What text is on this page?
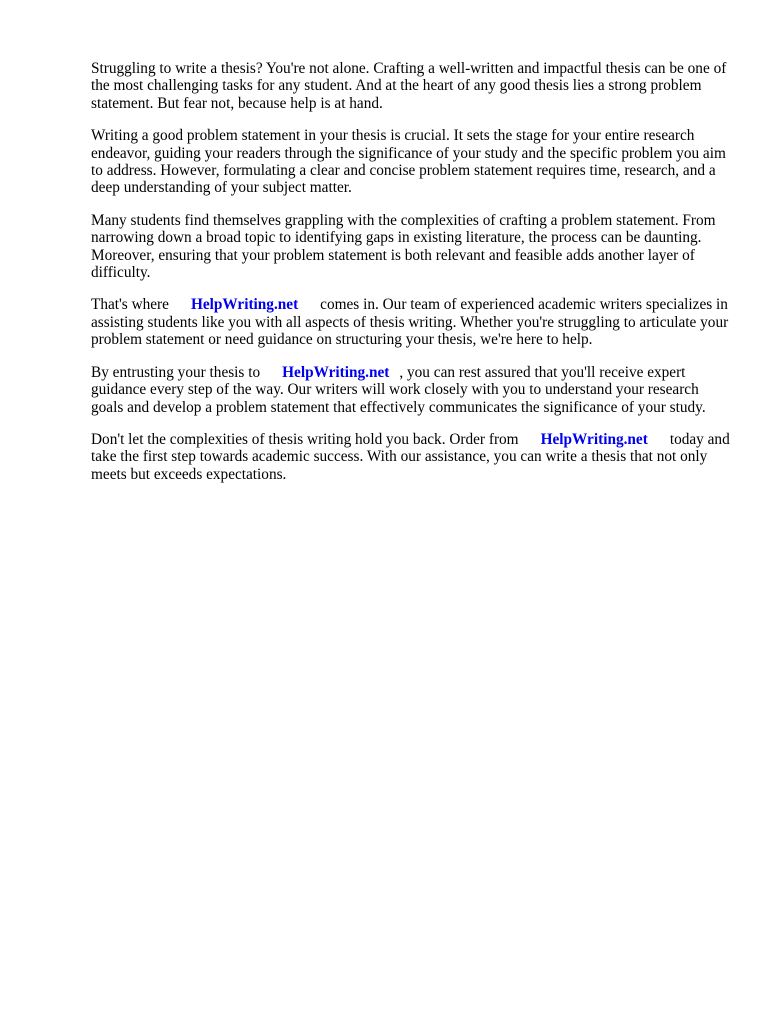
Struggling to write a thesis? You're not alone. Crafting a well-written and impactful thesis can be one of the most challenging tasks for any student. And at the heart of any good thesis lies a strong problem statement. But fear not, because help is at hand.

Writing a good problem statement in your thesis is crucial. It sets the stage for your entire research endeavor, guiding your readers through the significance of your study and the specific problem you aim to address. However, formulating a clear and concise problem statement requires time, research, and a deep understanding of your subject matter.

Many students find themselves grappling with the complexities of crafting a problem statement. From narrowing down a broad topic to identifying gaps in existing literature, the process can be daunting. Moreover, ensuring that your problem statement is both relevant and feasible adds another layer of difficulty.

That's where HelpWriting.net comes in. Our team of experienced academic writers specializes in assisting students like you with all aspects of thesis writing. Whether you're struggling to articulate your problem statement or need guidance on structuring your thesis, we're here to help.

By entrusting your thesis to HelpWriting.net , you can rest assured that you'll receive expert guidance every step of the way. Our writers will work closely with you to understand your research goals and develop a problem statement that effectively communicates the significance of your study.

Don't let the complexities of thesis writing hold you back. Order from HelpWriting.net today and take the first step towards academic success. With our assistance, you can write a thesis that not only meets but exceeds expectations.
